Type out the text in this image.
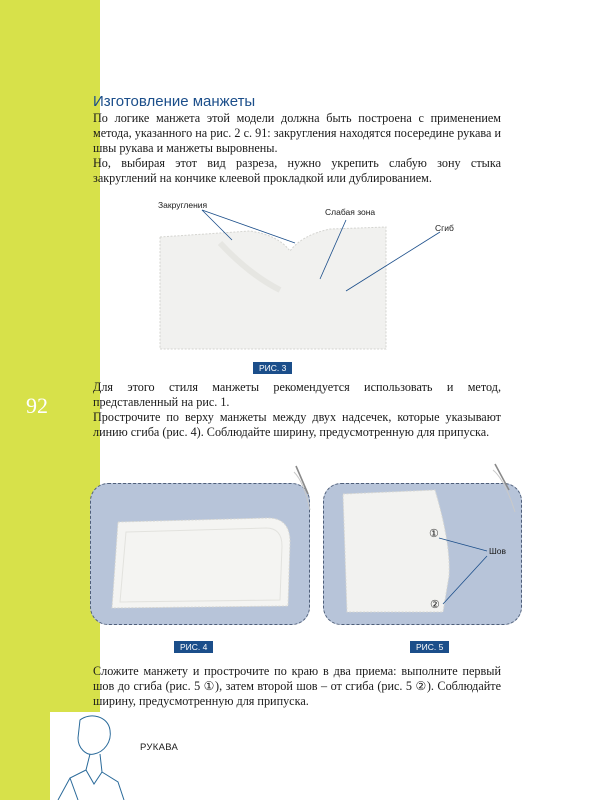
92
Изготовление манжеты

По логике манжета этой модели должна быть построена с применением метода, указанного на рис. 2 с. 91: закругления находятся посередине рукава и швы рукава и манжеты выровнены.

Но, выбирая этот вид разреза, нужно укрепить слабую зону стыка закруглений на кончике клеевой прокладкой или дублированием.

Закругления
Слабая зона
Сгиб
РИС. 3

Для этого стиля манжеты рекомендуется использовать и метод, представленный на рис. 1.

Прострочите по верху манжеты между двух надсечек, которые указывают линию сгиба (рис. 4). Соблюдайте ширину, предусмотренную для припуска.

РИС. 4
①
②
Шов
РИС. 5

Сложите манжету и прострочите по краю в два приема: выполните первый шов до сгиба (рис. 5 ①), затем второй шов – от сгиба (рис. 5 ②). Соблюдайте ширину, предусмотренную для припуска.

РУКАВА
